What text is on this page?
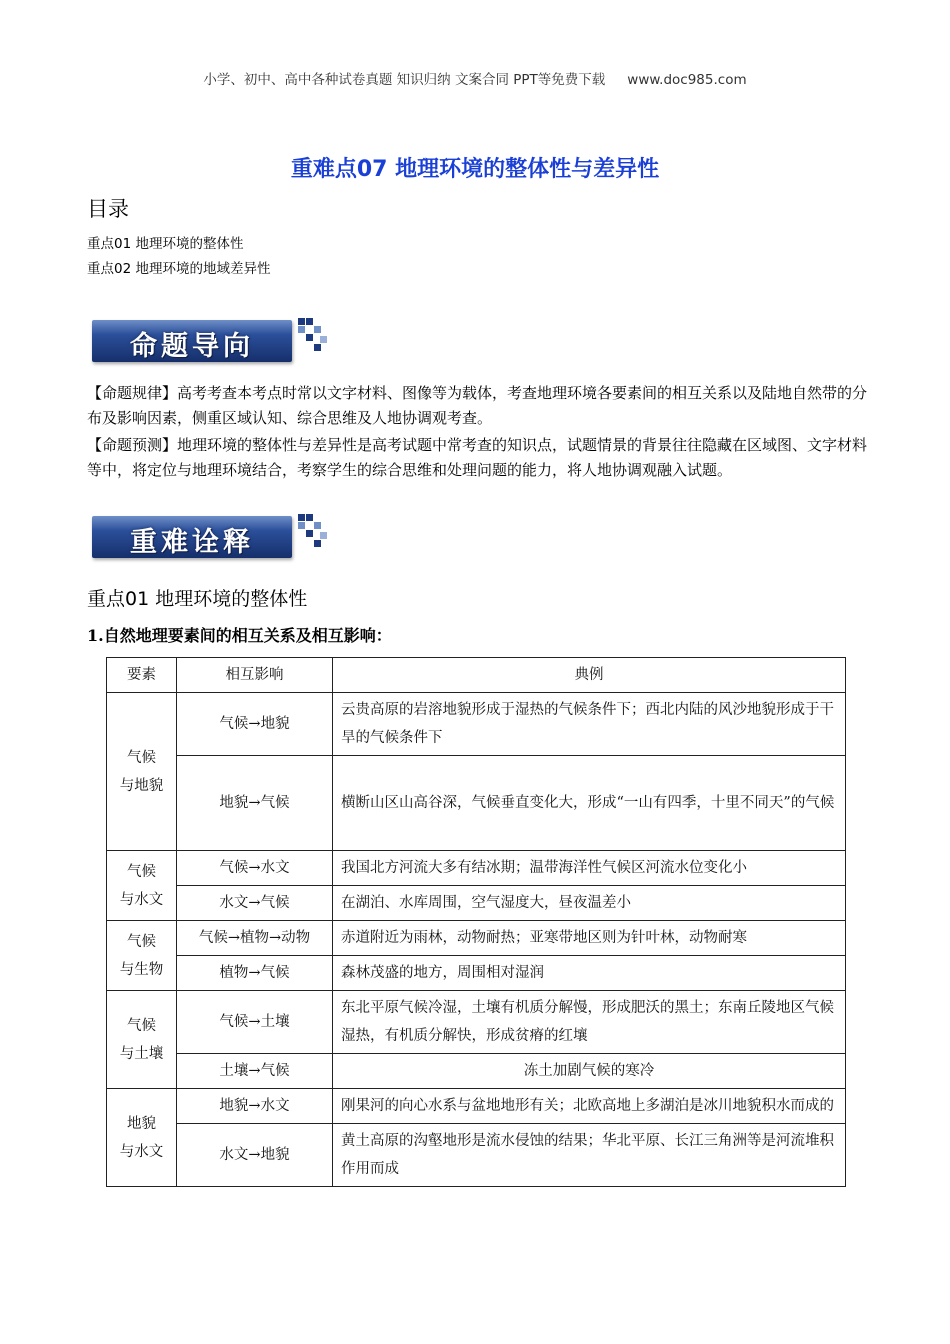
小学、初中、高中各种试卷真题 知识归纳 文案合同 PPT等免费下载 www.doc985.com
重难点07 地理环境的整体性与差异性
目录
重点01 地理环境的整体性
重点02 地理环境的地域差异性
命题导向
【命题规律】高考考查本考点时常以文字材料、图像等为载体，考查地理环境各要素间的相互关系以及陆地自然带的分布及影响因素，侧重区域认知、综合思维及人地协调观考查。
【命题预测】地理环境的整体性与差异性是高考试题中常考查的知识点，试题情景的背景往往隐藏在区域图、文字材料等中，将定位与地理环境结合，考察学生的综合思维和处理问题的能力，将人地协调观融入试题。
重难诠释
重点01 地理环境的整体性
1.自然地理要素间的相互关系及相互影响：
要素	相互影响	典例
气候
与地貌	气候→地貌	云贵高原的岩溶地貌形成于湿热的气候条件下；西北内陆的风沙地貌形成于干旱的气候条件下
	地貌→气候	横断山区山高谷深，气候垂直变化大，形成“一山有四季，十里不同天”的气候
气候
与水文	气候→水文	我国北方河流大多有结冰期；温带海洋性气候区河流水位变化小
	水文→气候	在湖泊、水库周围，空气湿度大，昼夜温差小
气候
与生物	气候→植物→动物	赤道附近为雨林，动物耐热；亚寒带地区则为针叶林，动物耐寒
	植物→气候	森林茂盛的地方，周围相对湿润
气候
与土壤	气候→土壤	东北平原气候冷湿，土壤有机质分解慢，形成肥沃的黑土；东南丘陵地区气候湿热，有机质分解快，形成贫瘠的红壤
	土壤→气候	冻土加剧气候的寒冷
地貌
与水文	地貌→水文	刚果河的向心水系与盆地地形有关；北欧高地上多湖泊是冰川地貌积水而成的
	水文→地貌	黄土高原的沟壑地形是流水侵蚀的结果；华北平原、长江三角洲等是河流堆积作用而成
